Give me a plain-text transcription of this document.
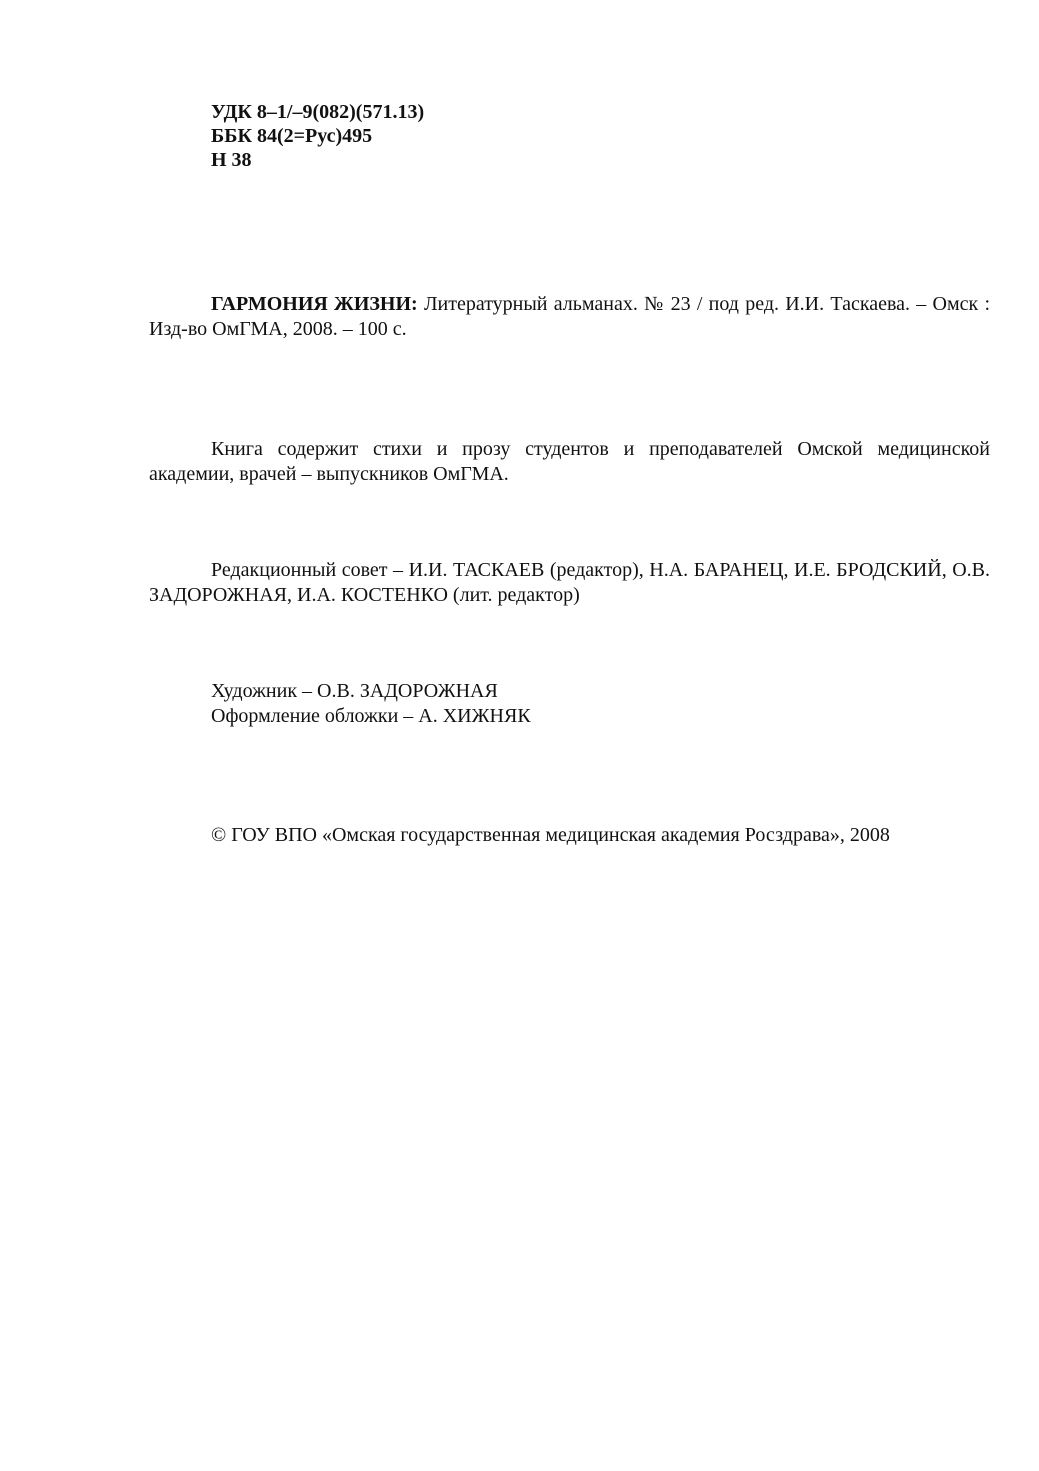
УДК 8–1/–9(082)(571.13)
ББК 84(2=Рус)495
Н 38
ГАРМОНИЯ ЖИЗНИ: Литературный альманах. № 23 / под ред. И.И. Таскаева. – Омск : Изд-во ОмГМА, 2008. – 100 с.
Книга содержит стихи и прозу студентов и преподавателей Омской медицинской академии, врачей – выпускников ОмГМА.
Редакционный совет – И.И. ТАСКАЕВ (редактор), Н.А. БАРАНЕЦ, И.Е. БРОДСКИЙ, О.В. ЗАДОРОЖНАЯ, И.А. КОСТЕНКО (лит. редактор)
Художник – О.В. ЗАДОРОЖНАЯ
Оформление обложки – А. ХИЖНЯК
© ГОУ ВПО «Омская государственная медицинская академия Росздрава», 2008
